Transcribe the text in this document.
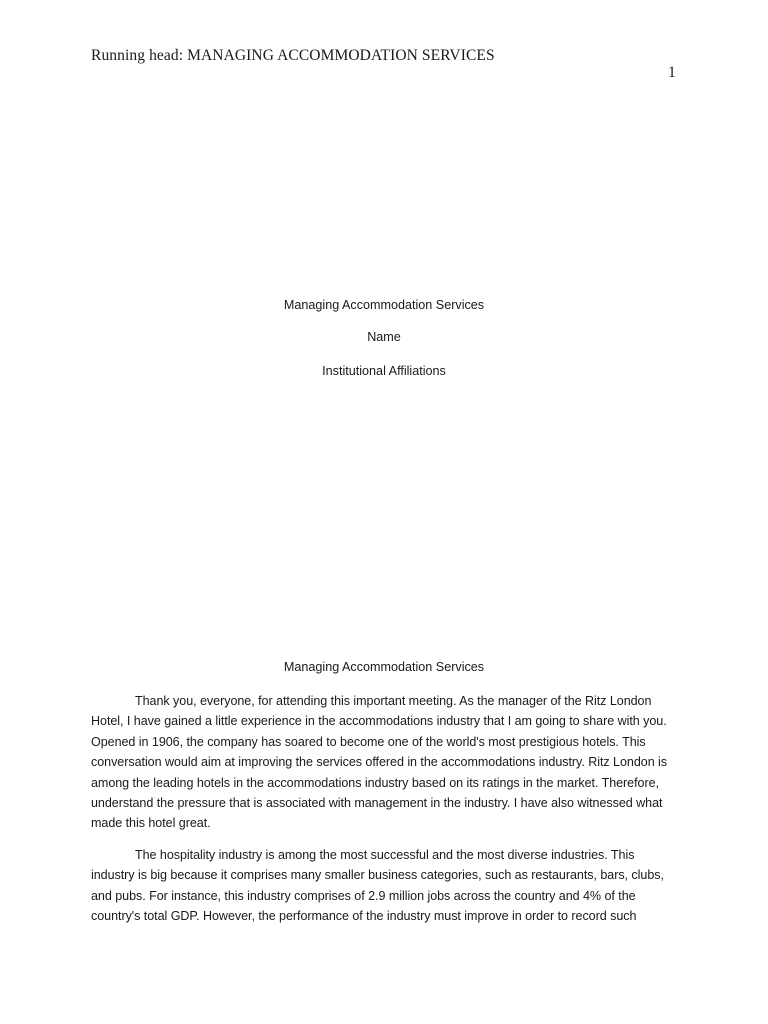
Running head: MANAGING ACCOMMODATION SERVICES
1
Managing Accommodation Services
Name
Institutional Affiliations
Managing Accommodation Services

Thank you, everyone, for attending this important meeting. As the manager of the Ritz London Hotel, I have gained a little experience in the accommodations industry that I am going to share with you. Opened in 1906, the company has soared to become one of the world's most prestigious hotels. This conversation would aim at improving the services offered in the accommodations industry. Ritz London is among the leading hotels in the accommodations industry based on its ratings in the market. Therefore, understand the pressure that is associated with management in the industry. I have also witnessed what made this hotel great.

The hospitality industry is among the most successful and the most diverse industries. This industry is big because it comprises many smaller business categories, such as restaurants, bars, clubs, and pubs. For instance, this industry comprises of 2.9 million jobs across the country and 4% of the country's total GDP. However, the performance of the industry must improve in order to record such
